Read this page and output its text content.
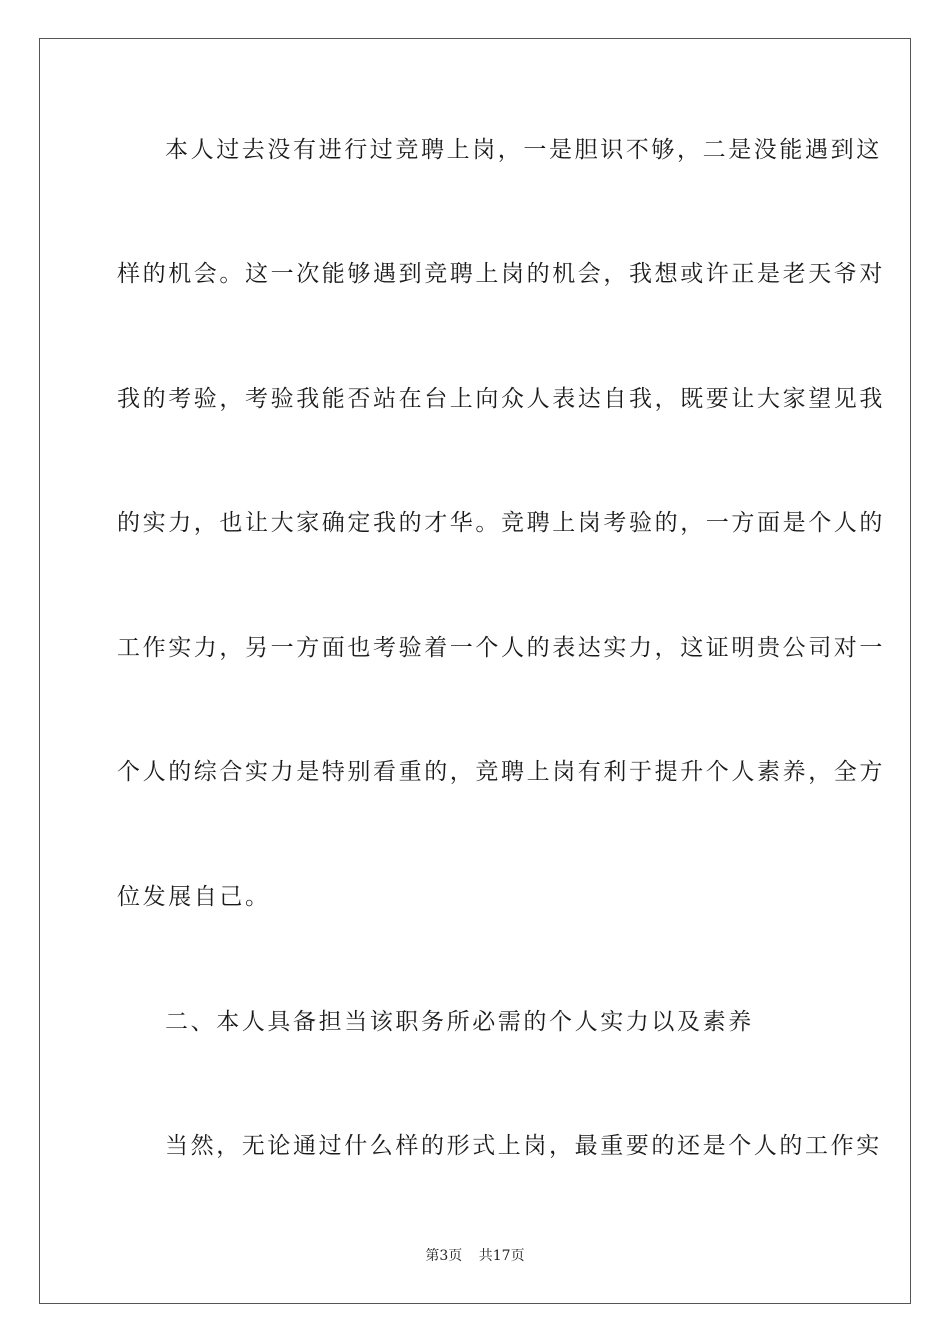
本人过去没有进行过竞聘上岗，一是胆识不够，二是没能遇到这
样的机会。这一次能够遇到竞聘上岗的机会，我想或许正是老天爷对
我的考验，考验我能否站在台上向众人表达自我，既要让大家望见我
的实力，也让大家确定我的才华。竞聘上岗考验的，一方面是个人的
工作实力，另一方面也考验着一个人的表达实力，这证明贵公司对一
个人的综合实力是特别看重的，竞聘上岗有利于提升个人素养，全方
位发展自己。
二、本人具备担当该职务所必需的个人实力以及素养
当然，无论通过什么样的形式上岗，最重要的还是个人的工作实
第3页 共17页
